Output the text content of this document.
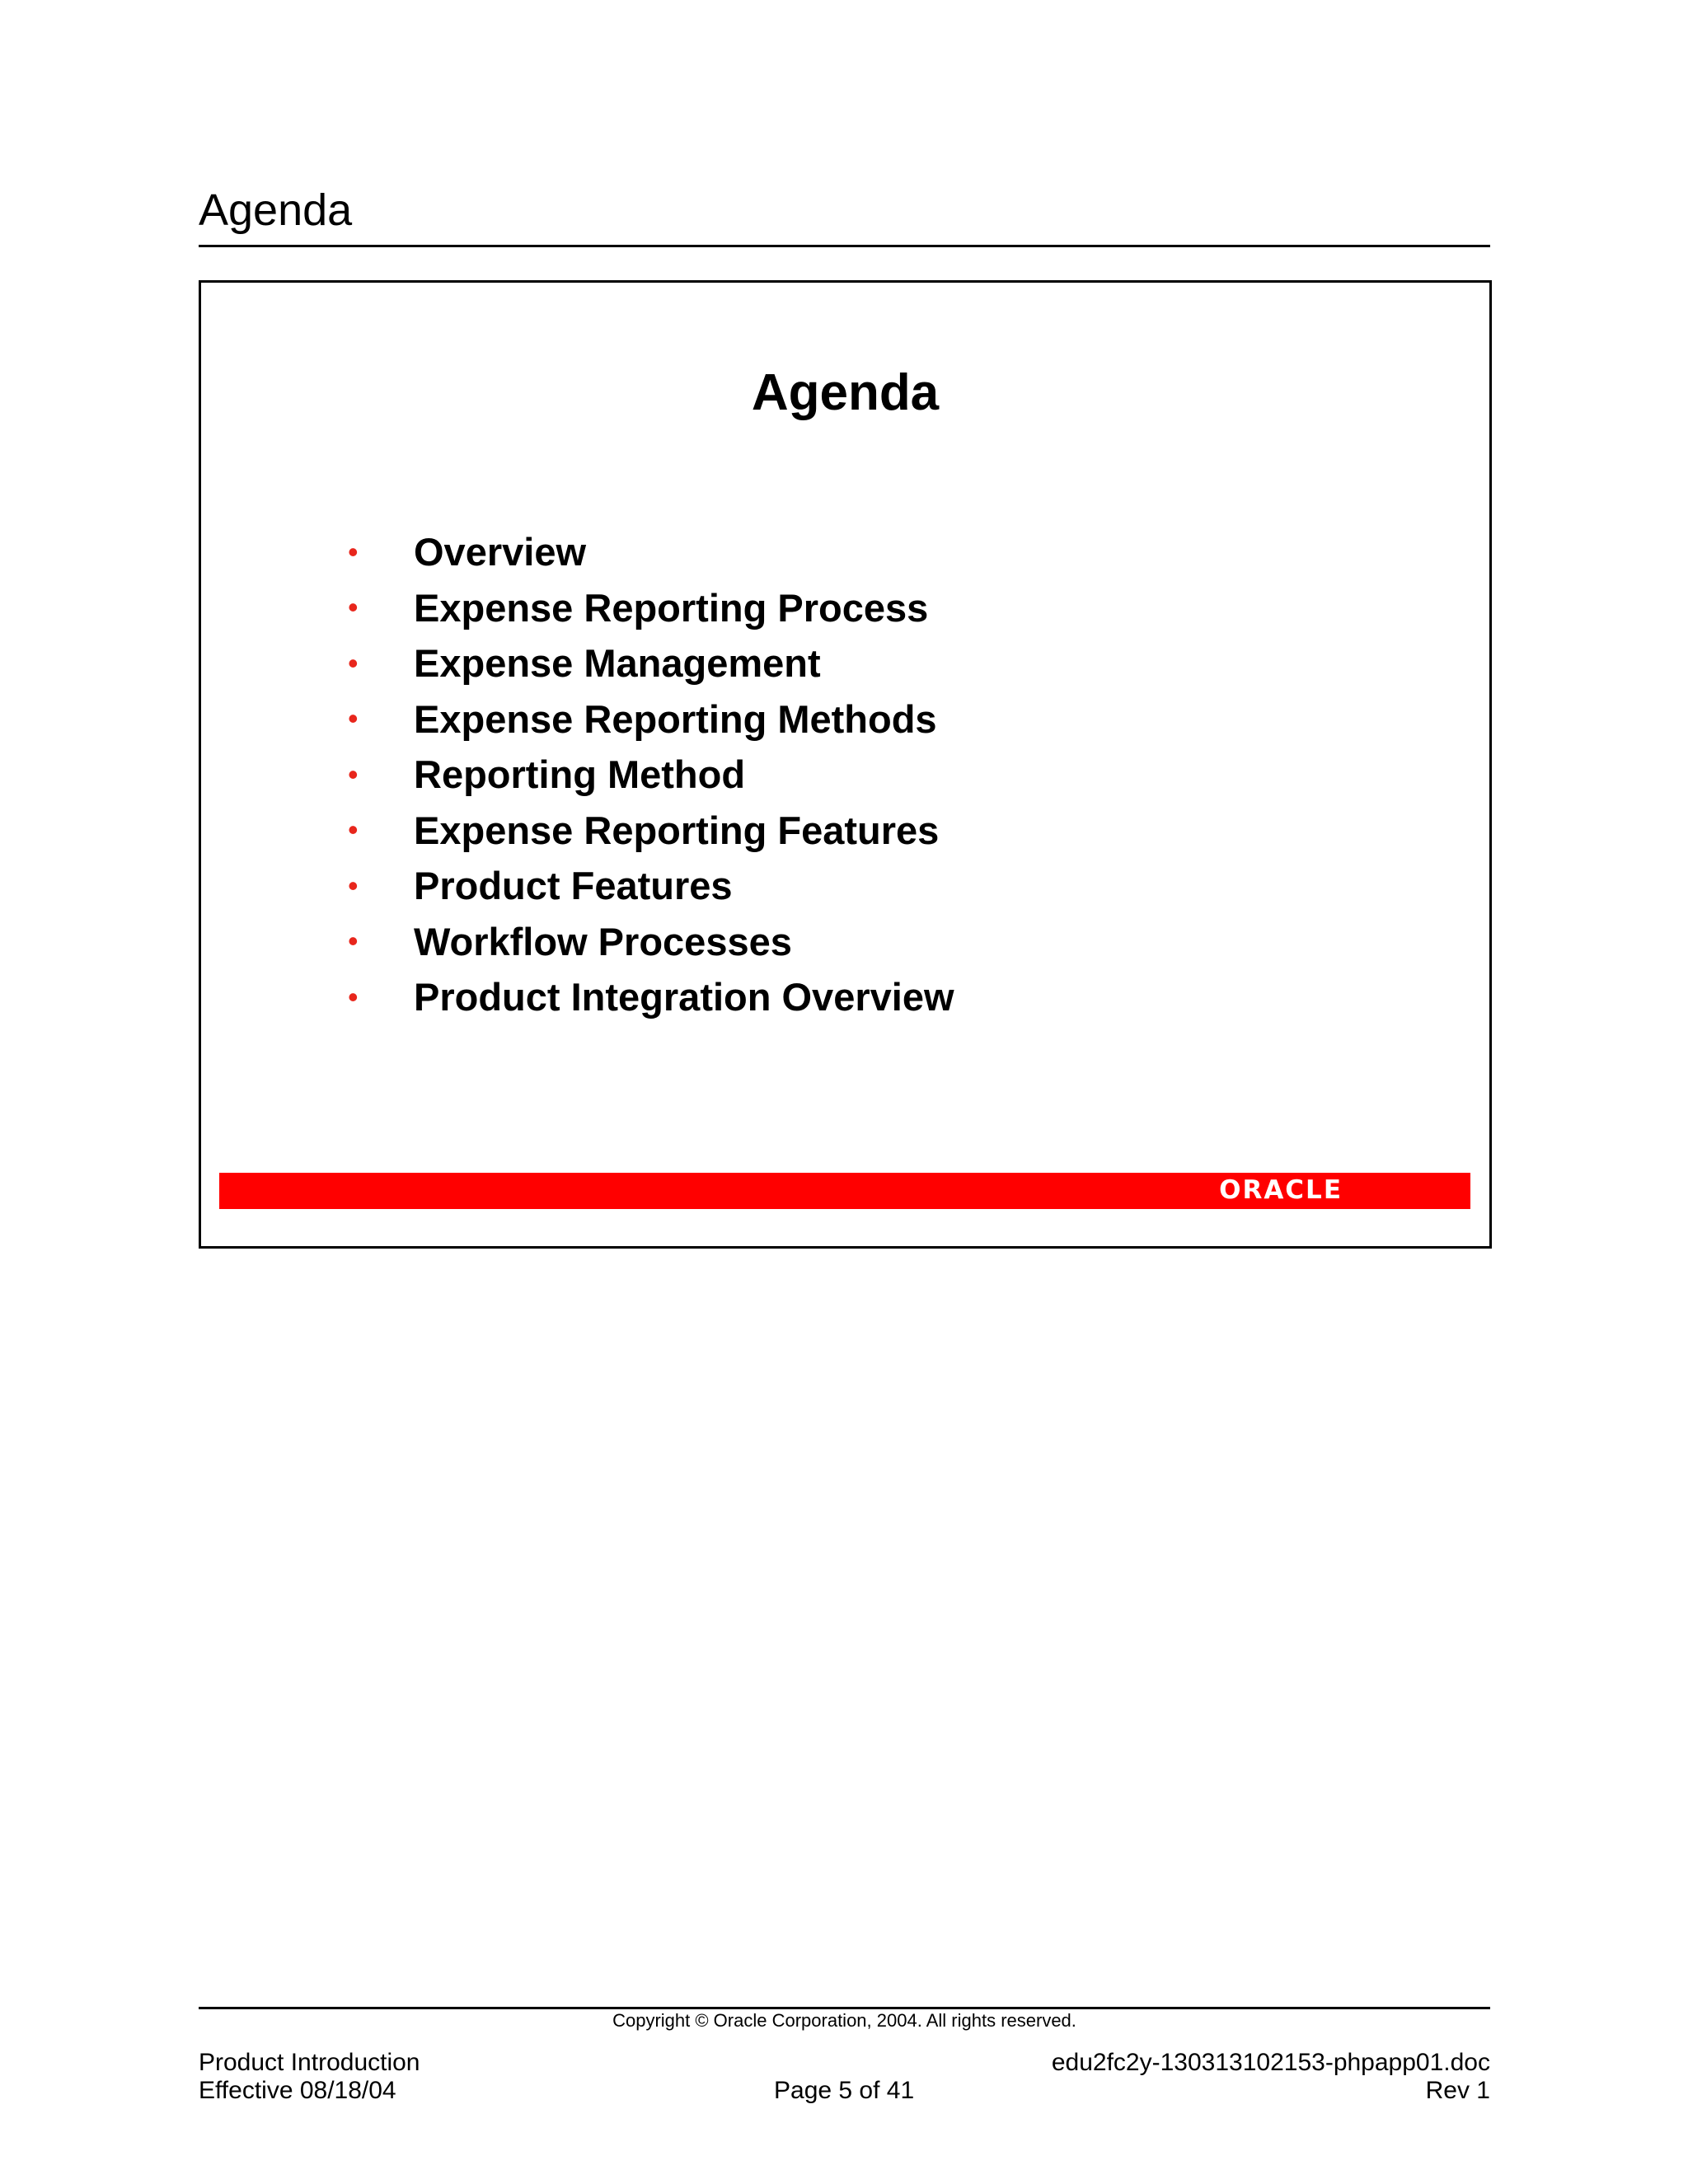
Agenda
Agenda
•	Overview
•	Expense Reporting Process
•	Expense Management
•	Expense Reporting Methods
•	Reporting Method
•	Expense Reporting Features
•	Product Features
•	Workflow Processes
•	Product Integration Overview
ORACLE
Copyright © Oracle Corporation, 2004. All rights reserved.
Product Introduction
Effective 08/18/04	Page 5 of 41
edu2fc2y-130313102153-phpapp01.doc
Rev 1
